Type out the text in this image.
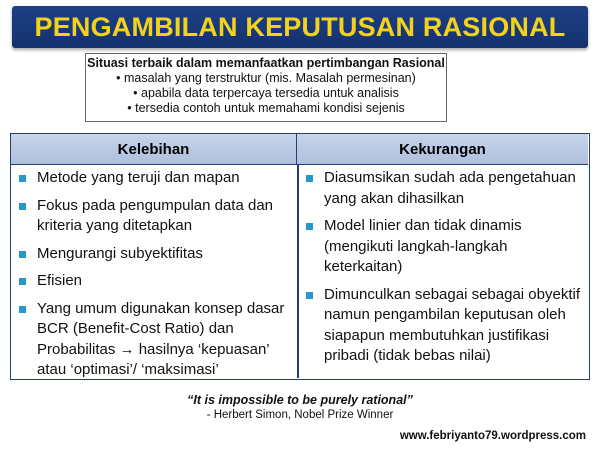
PENGAMBILAN KEPUTUSAN RASIONAL
Situasi terbaik dalam memanfaatkan pertimbangan Rasional
• masalah yang terstruktur (mis. Masalah permesinan)
• apabila data terpercaya tersedia untuk analisis
• tersedia contoh untuk memahami kondisi sejenis
Kelebihan	Kekurangan
Metode yang teruji dan mapan
Fokus pada pengumpulan data dan kriteria yang ditetapkan
Mengurangi subyektifitas
Efisien
Yang umum digunakan konsep dasar BCR (Benefit-Cost Ratio) dan Probabilitas → hasilnya ‘kepuasan’ atau ‘optimasi’/ ‘maksimasi’
Diasumsikan sudah ada pengetahuan yang akan dihasilkan
Model linier dan tidak dinamis (mengikuti langkah-langkah keterkaitan)
Dimunculkan sebagai sebagai obyektif namun pengambilan keputusan oleh siapapun membutuhkan justifikasi pribadi (tidak bebas nilai)
“It is impossible to be purely rational”
- Herbert Simon, Nobel Prize Winner
www.febriyanto79.wordpress.com
